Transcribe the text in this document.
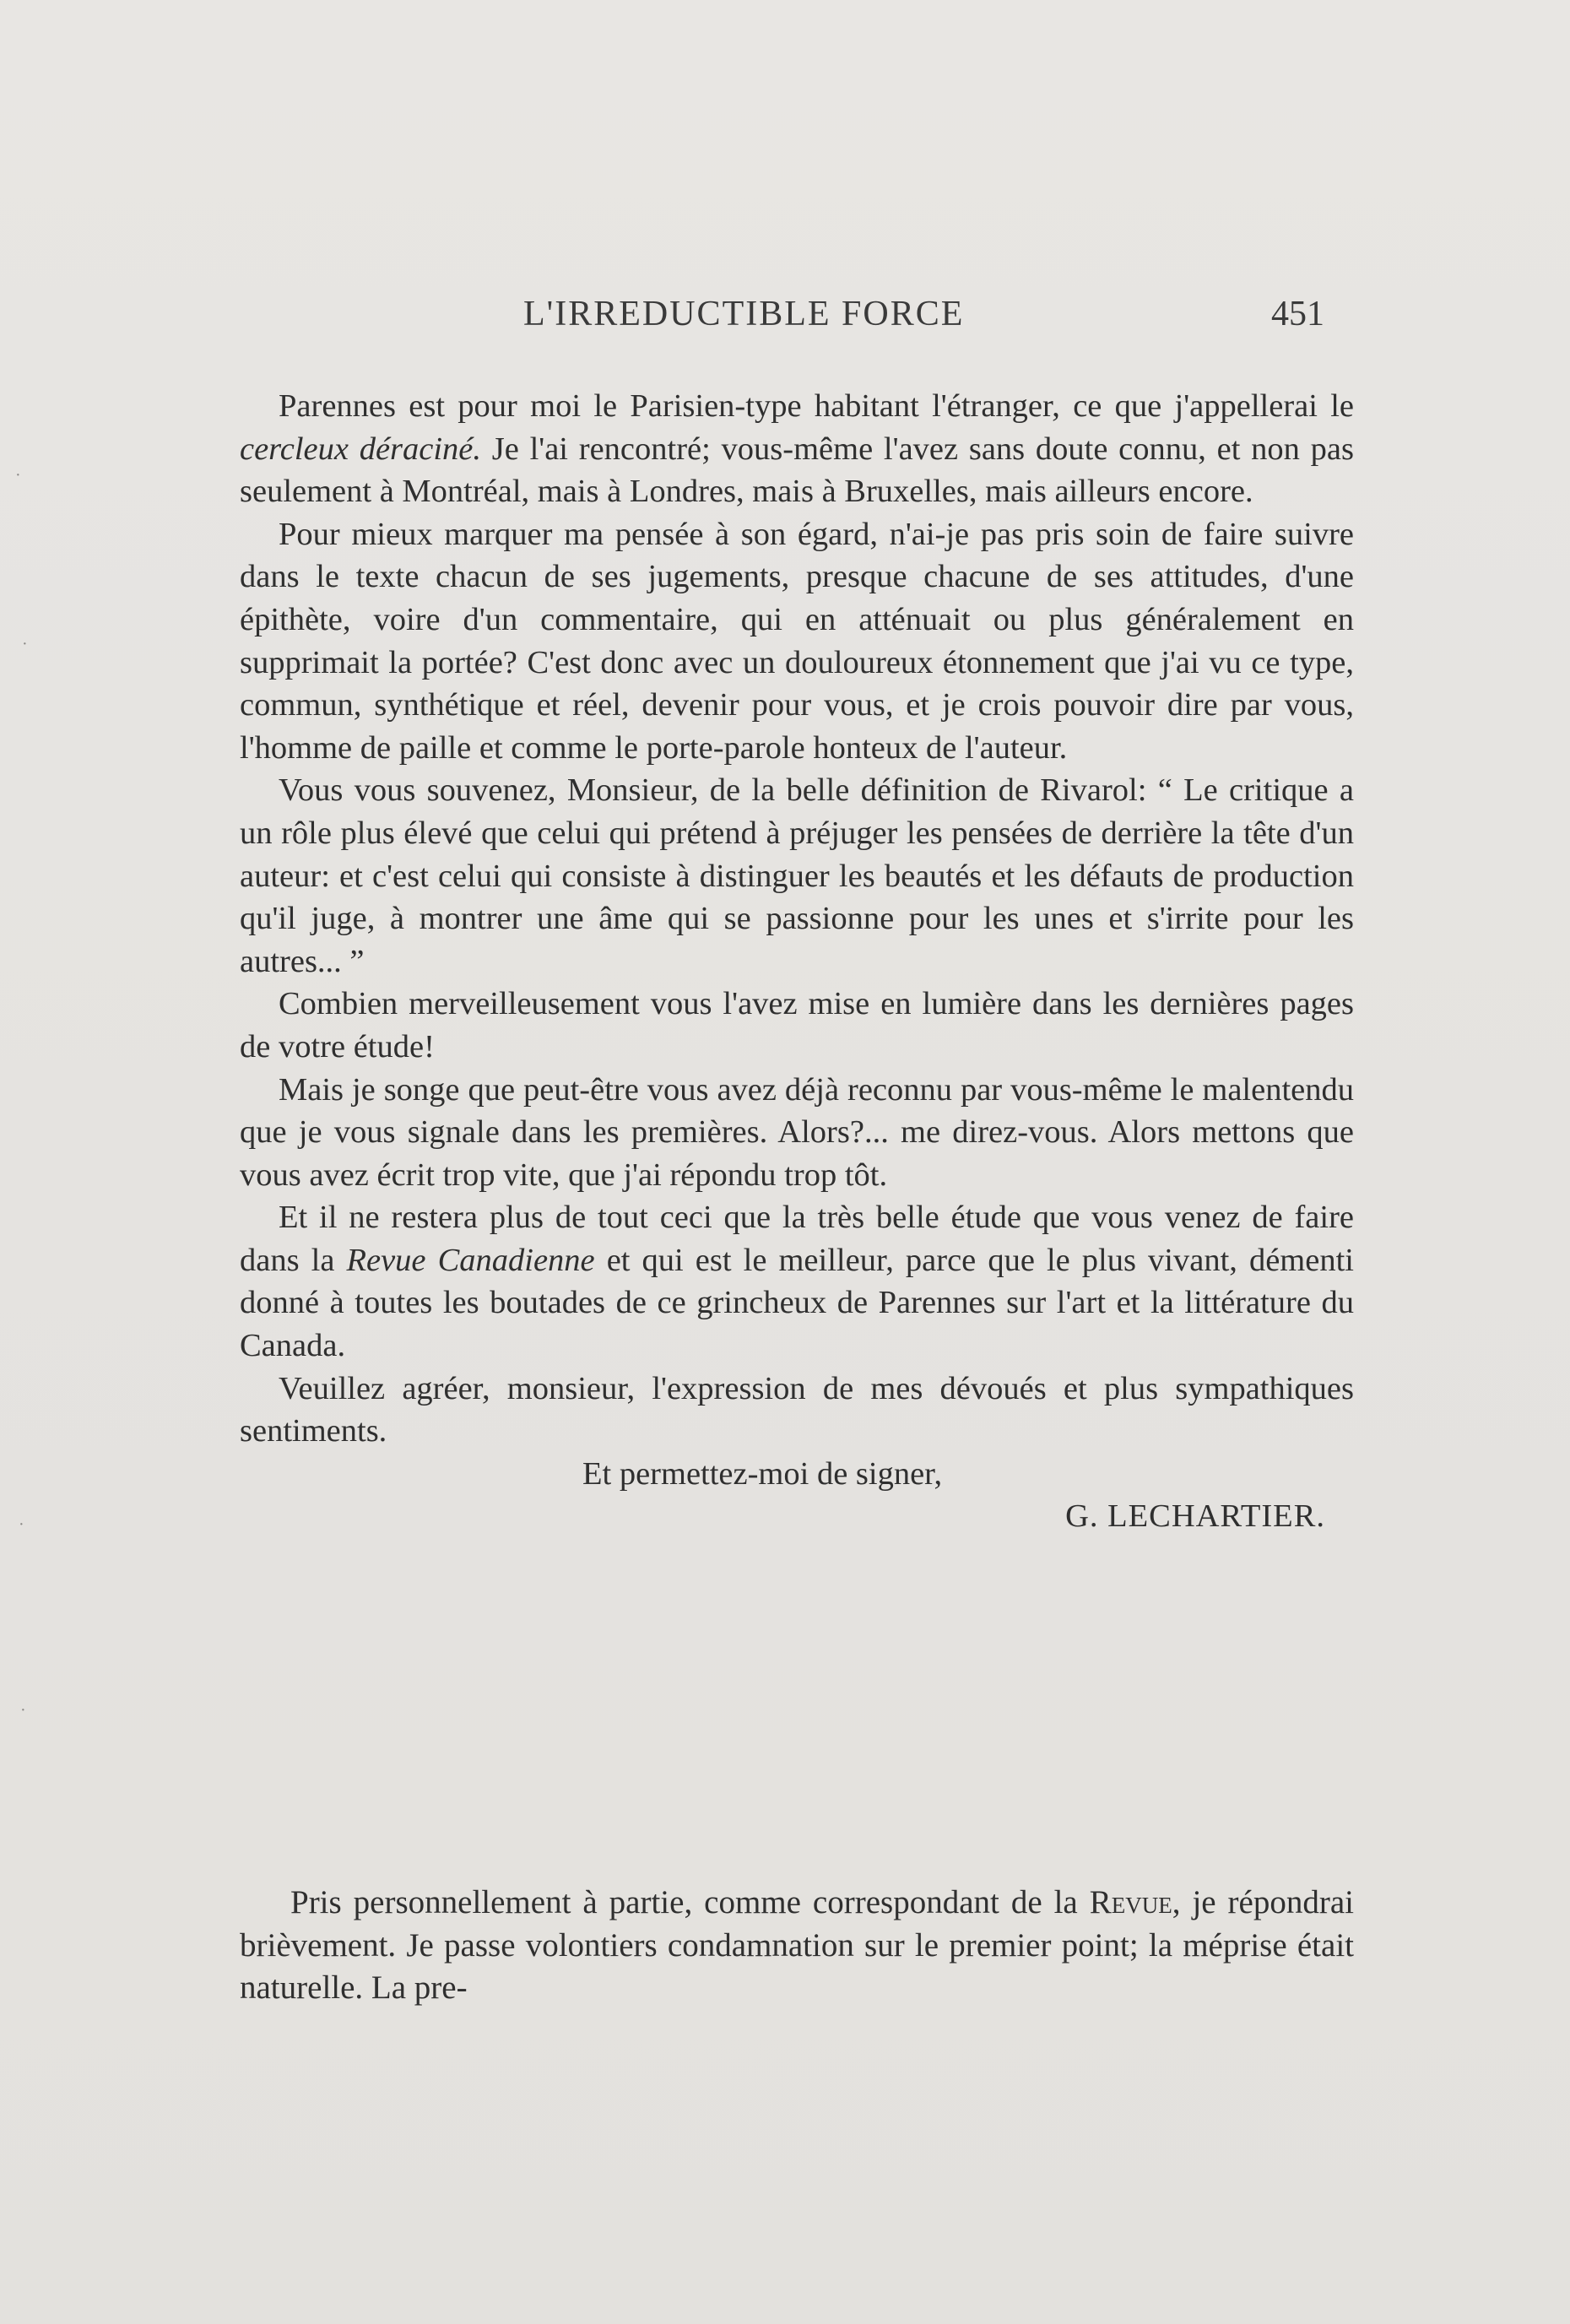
L'IRREDUCTIBLE FORCE	451

Parennes est pour moi le Parisien-type habitant l'étranger, ce que j'appellerai le cercleux déraciné. Je l'ai rencontré; vous-même l'avez sans doute connu, et non pas seulement à Montréal, mais à Londres, mais à Bruxelles, mais ailleurs encore.

Pour mieux marquer ma pensée à son égard, n'ai-je pas pris soin de faire suivre dans le texte chacun de ses jugements, presque chacune de ses attitudes, d'une épithète, voire d'un commentaire, qui en atténuait ou plus généralement en supprimait la portée? C'est donc avec un douloureux étonnement que j'ai vu ce type, commun, synthétique et réel, devenir pour vous, et je crois pouvoir dire par vous, l'homme de paille et comme le porte-parole honteux de l'auteur.

Vous vous souvenez, Monsieur, de la belle définition de Rivarol: “ Le critique a un rôle plus élevé que celui qui prétend à préjuger les pensées de derrière la tête d'un auteur: et c'est celui qui consiste à distinguer les beautés et les défauts de production qu'il juge, à montrer une âme qui se passionne pour les unes et s'irrite pour les autres... ”

Combien merveilleusement vous l'avez mise en lumière dans les dernières pages de votre étude!

Mais je songe que peut-être vous avez déjà reconnu par vous-même le malentendu que je vous signale dans les premières. Alors?... me direz-vous. Alors mettons que vous avez écrit trop vite, que j'ai répondu trop tôt.

Et il ne restera plus de tout ceci que la très belle étude que vous venez de faire dans la Revue Canadienne et qui est le meilleur, parce que le plus vivant, démenti donné à toutes les boutades de ce grincheux de Parennes sur l'art et la littérature du Canada.

Veuillez agréer, monsieur, l'expression de mes dévoués et plus sympathiques sentiments.

Et permettez-moi de signer,

G. LECHARTIER.

Pris personnellement à partie, comme correspondant de la Revue, je répondrai brièvement. Je passe volontiers condamnation sur le premier point; la méprise était naturelle. La pre-

·
·
·
·
